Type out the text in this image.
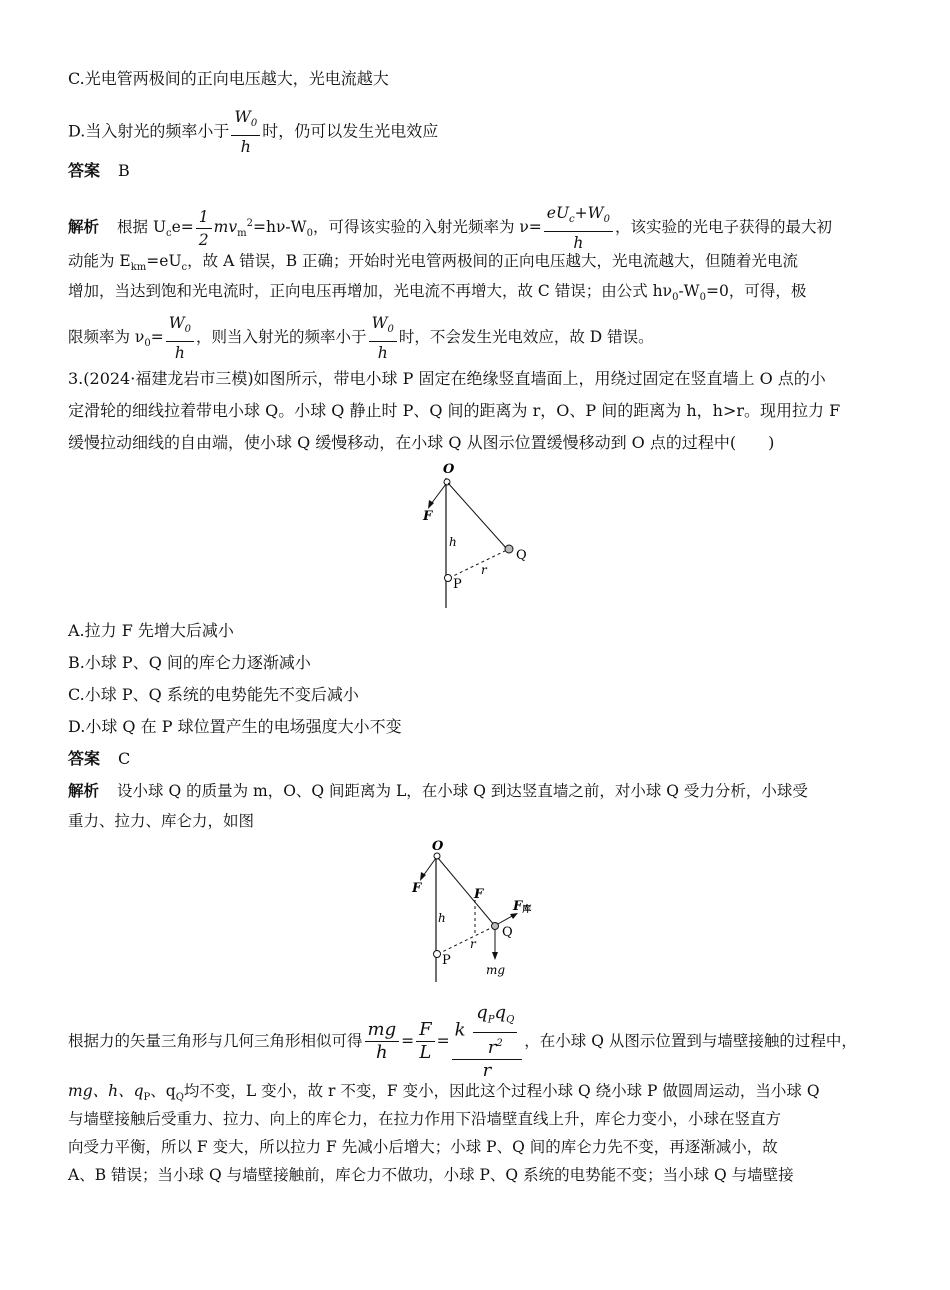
C.光电管两极间的正向电压越大，光电流越大
D.当入射光的频率小于 $\frac{W_0}{h}$ 时，仍可以发生光电效应
答案 B
解析 根据 $U_ce= \frac{1}{2} mv_m^2=h\nu-W_0$，可得该实验的入射光频率为 $\nu= \frac{eU_c+W_0}{h}$ ，该实验的光电子获得的最大初
动能为 $E_{km}=eU_c$，故 A 错误，B 正确；开始时光电管两极间的正向电压越大，光电流越大，但随着光电流
增加，当达到饱和光电流时，正向电压再增加，光电流不再增大，故 C 错误；由公式 $h\nu_0-W_0=0$，可得，极
限频率为 $\nu_0= \frac{W_0}{h}$ ，则当入射光的频率小于 $\frac{W_0}{h}$ 时，不会发生光电效应，故 D 错误。
3.(2024·福建龙岩市三模)如图所示，带电小球 P 固定在绝缘竖直墙面上，用绕过固定在竖直墙上 O 点的小
定滑轮的细线拉着带电小球 Q。小球 Q 静止时 P、Q 间的距离为 r，O、P 间的距离为 h，h>r。现用拉力 F
缓慢拉动细线的自由端，使小球 Q 缓慢移动，在小球 Q 从图示位置缓慢移动到 O 点的过程中(　　)
O
F
h
Q
r
P
A.拉力 F 先增大后减小
B.小球 P、Q 间的库仑力逐渐减小
C.小球 P、Q 系统的电势能先不变后减小
D.小球 Q 在 P 球位置产生的电场强度大小不变
答案 C
解析 设小球 Q 的质量为 m，O、Q 间距离为 L，在小球 Q 到达竖直墙之前，对小球 Q 受力分析，小球受
重力、拉力、库仑力，如图
O
F	F
F库
h
Q
r
P
mg
根据力的矢量三角形与几何三角形相似可得 $\frac{mg}{h} = \frac{F}{L} = \frac{k \frac{q_Pq_Q}{r^2}}{r}$ ，在小球 Q 从图示位置到与墙壁接触的过程中，
mg、h、$q_P$、$q_Q$均不变，L 变小，故 r 不变，F 变小，因此这个过程小球 Q 绕小球 P 做圆周运动，当小球 Q
与墙壁接触后受重力、拉力、向上的库仑力，在拉力作用下沿墙壁直线上升，库仑力变小，小球在竖直方
向受力平衡，所以 F 变大，所以拉力 F 先减小后增大；小球 P、Q 间的库仑力先不变，再逐渐减小，故
A、B 错误；当小球 Q 与墙壁接触前，库仑力不做功，小球 P、Q 系统的电势能不变；当小球 Q 与墙壁接
